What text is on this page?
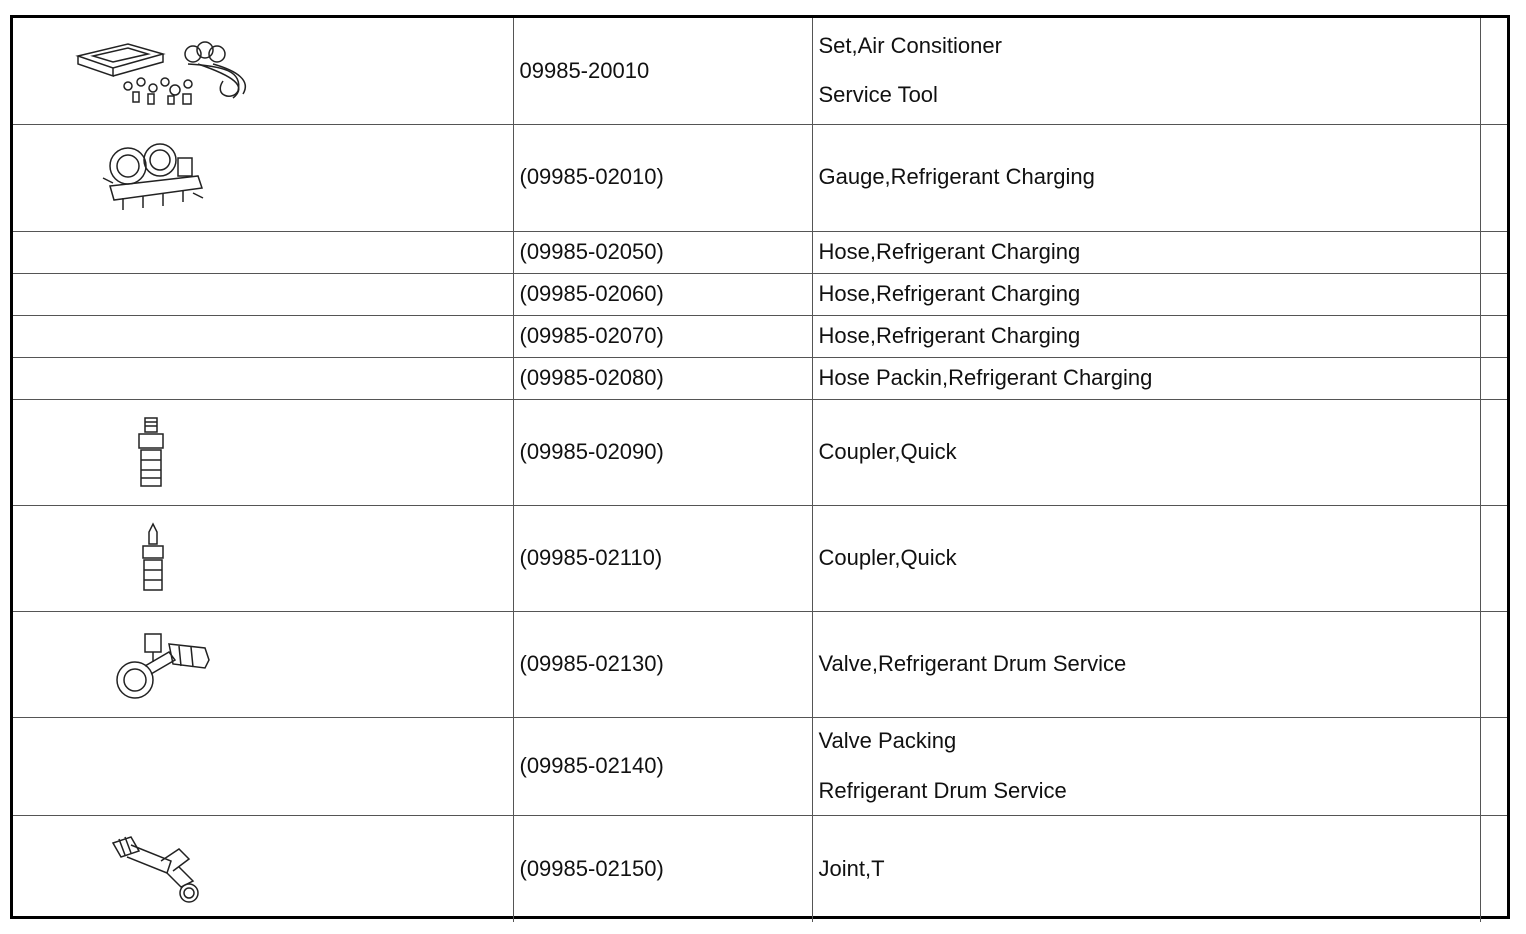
	09985-20010	Set,Air Consitioner
Service Tool	

	(09985-02010)	Gauge,Refrigerant Charging	
	(09985-02050)	Hose,Refrigerant Charging	
	(09985-02060)	Hose,Refrigerant Charging	
	(09985-02070)	Hose,Refrigerant Charging	
	(09985-02080)	Hose Packin,Refrigerant Charging	

	(09985-02090)	Coupler,Quick	

	(09985-02110)	Coupler,Quick	

	(09985-02130)	Valve,Refrigerant Drum Service	
	(09985-02140)	Valve Packing
Refrigerant Drum Service	

	(09985-02150)	Joint,T	
